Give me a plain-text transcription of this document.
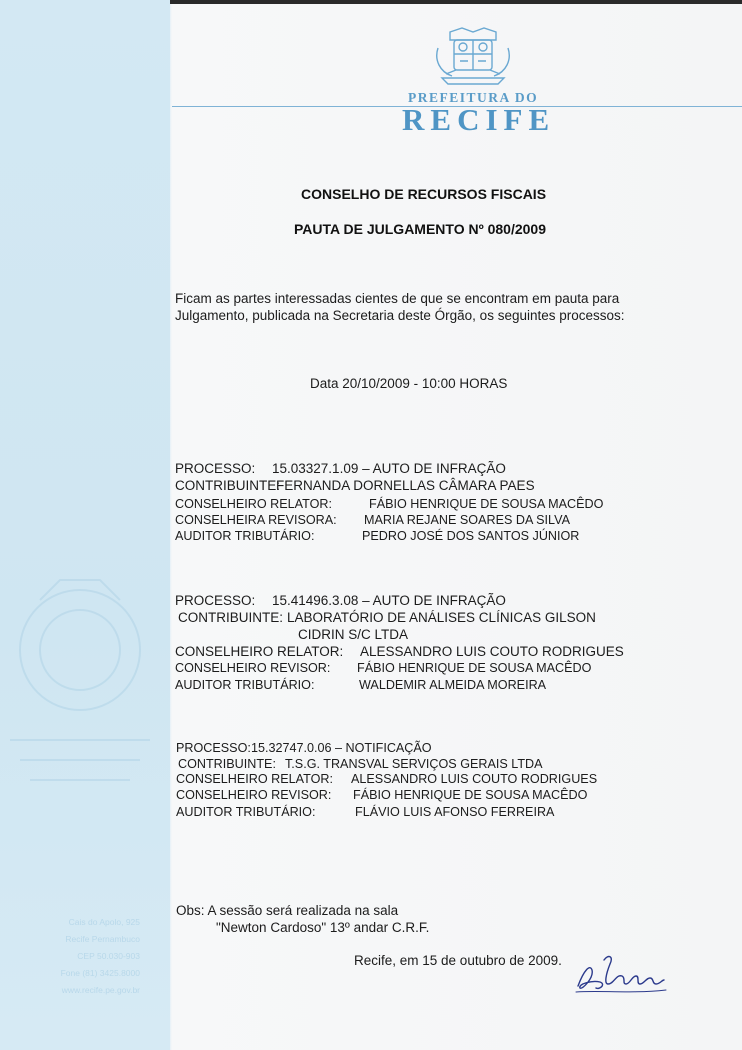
PREFEITURA DO
RECIFE
CONSELHO DE RECURSOS FISCAIS
PAUTA DE JULGAMENTO Nº 080/2009
Ficam as partes interessadas cientes de que se encontram em pauta para
Julgamento, publicada na Secretaria deste Órgão, os seguintes processos:
Data 20/10/2009 - 10:00 HORAS
PROCESSO: 15.03327.1.09 – AUTO DE INFRAÇÃO
CONTRIBUINTE:
FERNANDA DORNELLAS CÂMARA PAES
CONSELHEIRO RELATOR:	FÁBIO HENRIQUE DE SOUSA MACÊDO
CONSELHEIRA REVISORA: MARIA REJANE SOARES DA SILVA
AUDITOR TRIBUTÁRIO:	PEDRO JOSÉ DOS SANTOS JÚNIOR
PROCESSO: 15.41496.3.08 – AUTO DE INFRAÇÃO
CONTRIBUINTE: LABORATÓRIO DE ANÁLISES CLÍNICAS GILSON
CIDRIN S/C LTDA
CONSELHEIRO RELATOR: ALESSANDRO LUIS COUTO RODRIGUES
CONSELHEIRO REVISOR: FÁBIO HENRIQUE DE SOUSA MACÊDO
AUDITOR TRIBUTÁRIO:	WALDEMIR ALMEIDA MOREIRA
PROCESSO: 15.32747.0.06 – NOTIFICAÇÃO
CONTRIBUINTE: T.S.G. TRANSVAL SERVIÇOS GERAIS LTDA
CONSELHEIRO RELATOR: ALESSANDRO LUIS COUTO RODRIGUES
CONSELHEIRO REVISOR: FÁBIO HENRIQUE DE SOUSA MACÊDO
AUDITOR TRIBUTÁRIO:	FLÁVIO LUIS AFONSO FERREIRA
Obs: A sessão será realizada na sala
"Newton Cardoso" 13º andar C.R.F.
Recife, em 15 de outubro de 2009.
Cais do Apolo, 925
Recife Pernambuco
CEP 50.030-903
Fone (81) 3425.8000
www.recife.pe.gov.br
